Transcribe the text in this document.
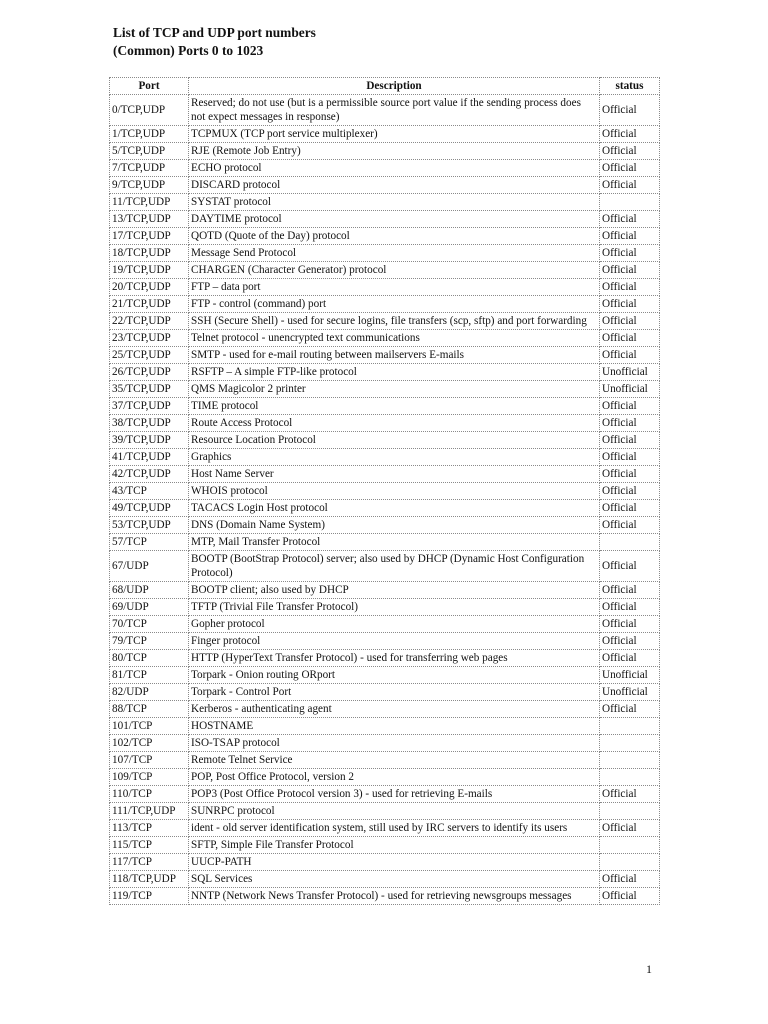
List of TCP and UDP port numbers
(Common) Ports 0 to 1023
Port	Description	status
0/TCP,UDP	Reserved; do not use (but is a permissible source port value if the sending process does not expect messages in response)	Official
1/TCP,UDP	TCPMUX (TCP port service multiplexer)	Official
5/TCP,UDP	RJE (Remote Job Entry)	Official
7/TCP,UDP	ECHO protocol	Official
9/TCP,UDP	DISCARD protocol	Official
11/TCP,UDP	SYSTAT protocol	
13/TCP,UDP	DAYTIME protocol	Official
17/TCP,UDP	QOTD (Quote of the Day) protocol	Official
18/TCP,UDP	Message Send Protocol	Official
19/TCP,UDP	CHARGEN (Character Generator) protocol	Official
20/TCP,UDP	FTP – data port	Official
21/TCP,UDP	FTP - control (command) port	Official
22/TCP,UDP	SSH (Secure Shell) - used for secure logins, file transfers (scp, sftp) and port forwarding	Official
23/TCP,UDP	Telnet protocol - unencrypted text communications	Official
25/TCP,UDP	SMTP - used for e-mail routing between mailservers E-mails	Official
26/TCP,UDP	RSFTP – A simple FTP-like protocol	Unofficial
35/TCP,UDP	QMS Magicolor 2 printer	Unofficial
37/TCP,UDP	TIME protocol	Official
38/TCP,UDP	Route Access Protocol	Official
39/TCP,UDP	Resource Location Protocol	Official
41/TCP,UDP	Graphics	Official
42/TCP,UDP	Host Name Server	Official
43/TCP	WHOIS protocol	Official
49/TCP,UDP	TACACS Login Host protocol	Official
53/TCP,UDP	DNS (Domain Name System)	Official
57/TCP	MTP, Mail Transfer Protocol	
67/UDP	BOOTP (BootStrap Protocol) server; also used by DHCP (Dynamic Host Configuration Protocol)	Official
68/UDP	BOOTP client; also used by DHCP	Official
69/UDP	TFTP (Trivial File Transfer Protocol)	Official
70/TCP	Gopher protocol	Official
79/TCP	Finger protocol	Official
80/TCP	HTTP (HyperText Transfer Protocol) - used for transferring web pages	Official
81/TCP	Torpark - Onion routing ORport	Unofficial
82/UDP	Torpark - Control Port	Unofficial
88/TCP	Kerberos - authenticating agent	Official
101/TCP	HOSTNAME	
102/TCP	ISO-TSAP protocol	
107/TCP	Remote Telnet Service	
109/TCP	POP, Post Office Protocol, version 2	
110/TCP	POP3 (Post Office Protocol version 3) - used for retrieving E-mails	Official
111/TCP,UDP	SUNRPC protocol	
113/TCP	ident - old server identification system, still used by IRC servers to identify its users	Official
115/TCP	SFTP, Simple File Transfer Protocol	
117/TCP	UUCP-PATH	
118/TCP,UDP	SQL Services	Official
119/TCP	NNTP (Network News Transfer Protocol) - used for retrieving newsgroups messages	Official
1
